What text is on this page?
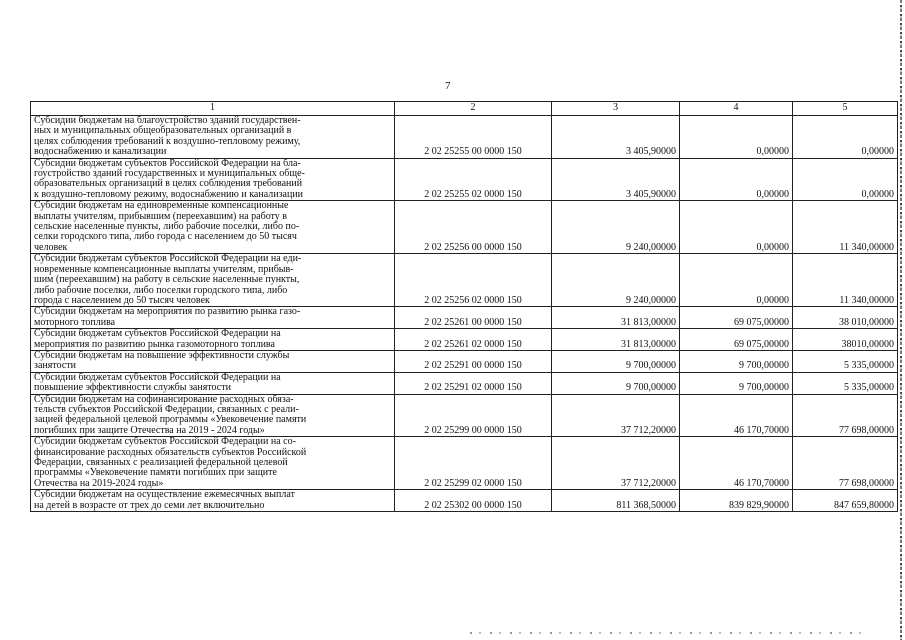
7
1	2	3	4	5

Субсидии бюджетам на благоустройство зданий государствен-
ных и муниципальных общеобразовательных организаций в
целях соблюдения требований к воздушно-тепловому режиму,
водоснабжению и канализации	2 02 25255 00 0000 150	3 405,90000	0,00000	0,00000

Субсидии бюджетам субъектов Российской Федерации на бла-
гоустройство зданий государственных и муниципальных обще-
образовательных организаций в целях соблюдения требований
к воздушно-тепловому режиму, водоснабжению и канализации	2 02 25255 02 0000 150	3 405,90000	0,00000	0,00000

Субсидии бюджетам на единовременные компенсационные
выплаты учителям, прибывшим (переехавшим) на работу в
сельские населенные пункты, либо рабочие поселки, либо по-
селки городского типа, либо города с населением до 50 тысяч
человек	2 02 25256 00 0000 150	9 240,00000	0,00000	11 340,00000

Субсидии бюджетам субъектов Российской Федерации на еди-
новременные компенсационные выплаты учителям, прибыв-
шим (переехавшим) на работу в сельские населенные пункты,
либо рабочие поселки, либо поселки городского типа, либо
города с населением до 50 тысяч человек	2 02 25256 02 0000 150	9 240,00000	0,00000	11 340,00000

Субсидии бюджетам на мероприятия по развитию рынка газо-
моторного топлива	2 02 25261 00 0000 150	31 813,00000	69 075,00000	38 010,00000

Субсидии бюджетам субъектов Российской Федерации на
мероприятия по развитию рынка газомоторного топлива	2 02 25261 02 0000 150	31 813,00000	69 075,00000	38010,00000

Субсидии бюджетам на повышение эффективности службы
занятости	2 02 25291 00 0000 150	9 700,00000	9 700,00000	5 335,00000

Субсидии бюджетам субъектов Российской Федерации на
повышение эффективности службы занятости	2 02 25291 02 0000 150	9 700,00000	9 700,00000	5 335,00000

Субсидии бюджетам на софинансирование расходных обяза-
тельств субъектов Российской Федерации, связанных с реали-
зацией федеральной целевой программы «Увековечение памяти
погибших при защите Отечества на 2019 - 2024 годы»	2 02 25299 00 0000 150	37 712,20000	46 170,70000	77 698,00000

Субсидии бюджетам субъектов Российской Федерации на со-
финансирование расходных обязательств субъектов Российской
Федерации, связанных с реализацией федеральной целевой
программы «Увековечение памяти погибших при защите
Отечества на 2019-2024 годы»	2 02 25299 02 0000 150	37 712,20000	46 170,70000	77 698,00000

Субсидии бюджетам на осуществление ежемесячных выплат
на детей в возрасте от трех до семи лет включительно	2 02 25302 00 0000 150	811 368,50000	839 829,90000	847 659,80000
